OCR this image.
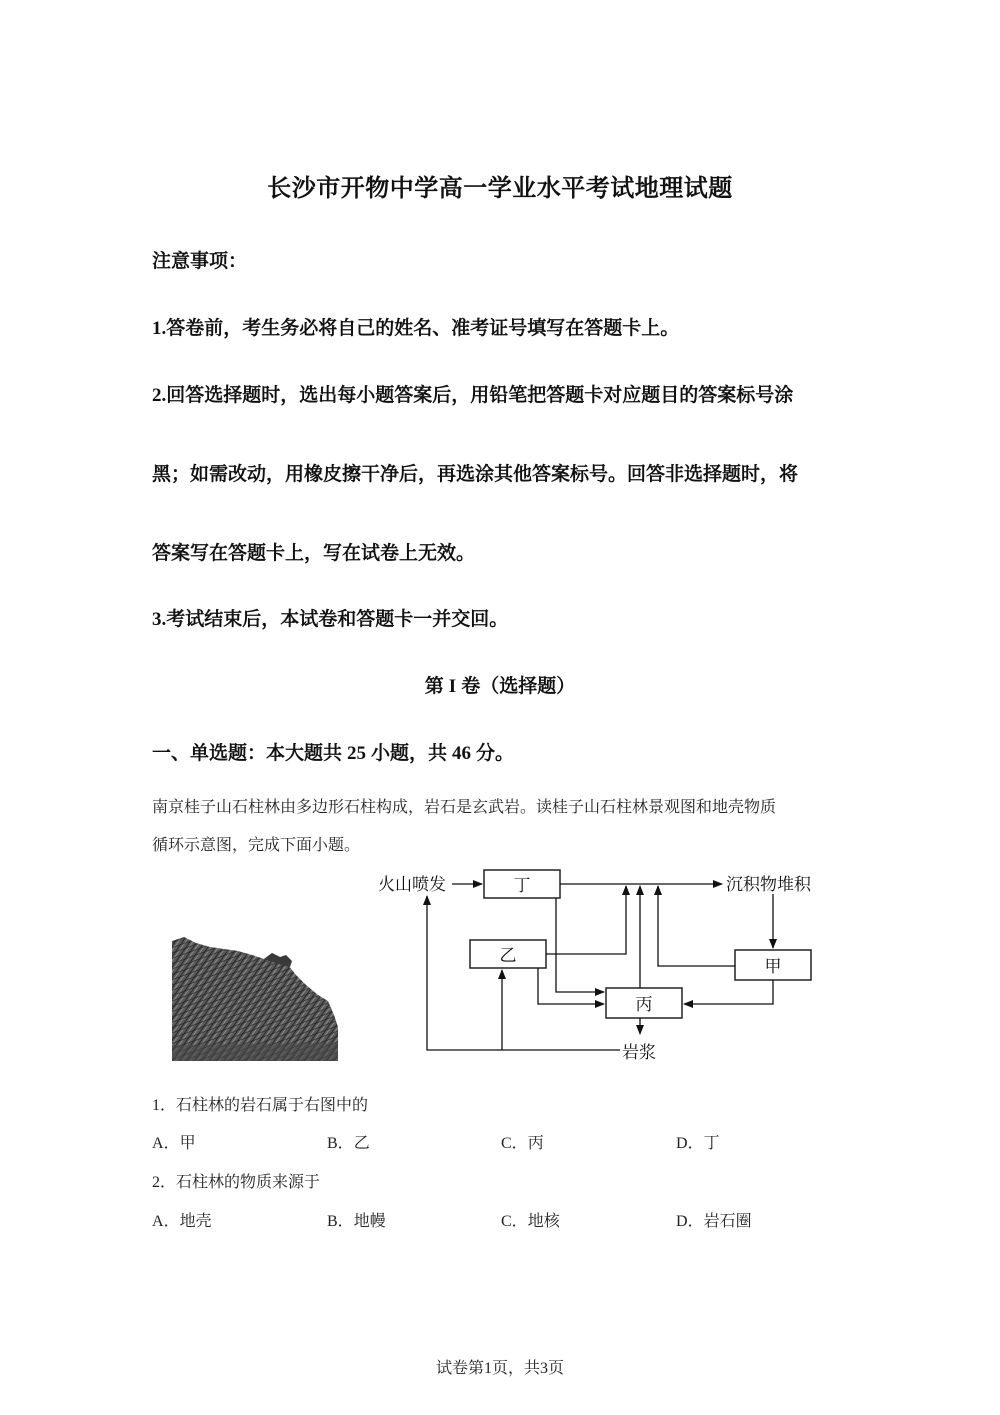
长沙市开物中学高一学业水平考试地理试题
注意事项：
1.答卷前，考生务必将自己的姓名、准考证号填写在答题卡上。
2.回答选择题时，选出每小题答案后，用铅笔把答题卡对应题目的答案标号涂
黑；如需改动，用橡皮擦干净后，再选涂其他答案标号。回答非选择题时，将
答案写在答题卡上，写在试卷上无效。
3.考试结束后，本试卷和答题卡一并交回。
第 I 卷（选择题）
一、单选题：本大题共 25 小题，共 46 分。
南京桂子山石柱林由多边形石柱构成，岩石是玄武岩。读桂子山石柱林景观图和地壳物质
循环示意图，完成下面小题。
火山喷发	丁	沉积物堆积
乙
甲
丙
岩浆
1．石柱林的岩石属于右图中的
A．甲	B．乙	C．丙	D．丁
2．石柱林的物质来源于
A．地壳	B．地幔	C．地核	D．岩石圈
试卷第1页，共3页
